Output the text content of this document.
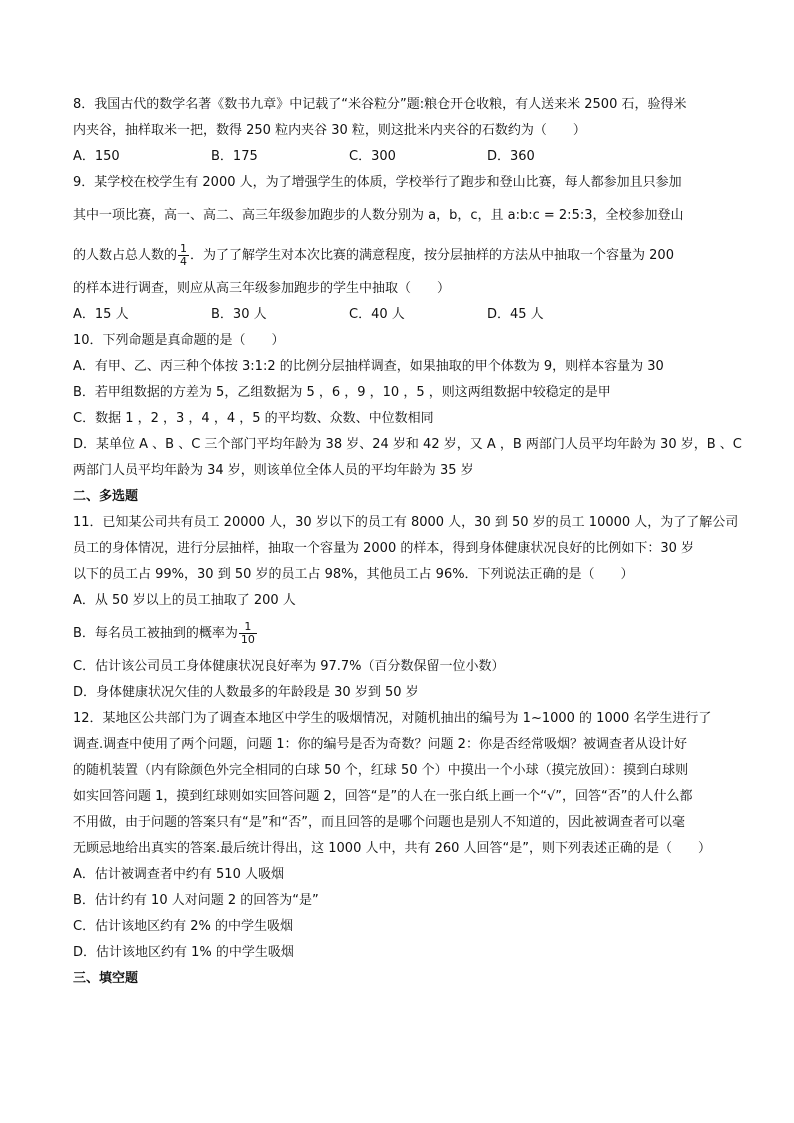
8．我国古代的数学名著《数书九章》中记载了“米谷粒分”题:粮仓开仓收粮，有人送来米 2500 石，验得米
内夹谷，抽样取米一把，数得 250 粒内夹谷 30 粒，则这批米内夹谷的石数约为（　　）
A．150	B．175	C．300	D．360
9．某学校在校学生有 2000 人，为了增强学生的体质，学校举行了跑步和登山比赛，每人都参加且只参加
其中一项比赛，高一、高二、高三年级参加跑步的人数分别为 a，b，c，且 a:b:c = 2:5:3，全校参加登山
的人数占总人数的 $\frac{1}{4}$ ．为了了解学生对本次比赛的满意程度，按分层抽样的方法从中抽取一个容量为 200
的样本进行调查，则应从高三年级参加跑步的学生中抽取（　　）
A．15 人	B．30 人	C．40 人	D．45 人
10．下列命题是真命题的是（　　）
A．有甲、乙、丙三种个体按 3:1:2 的比例分层抽样调查，如果抽取的甲个体数为 9，则样本容量为 30
B．若甲组数据的方差为 5，乙组数据为 5 ，6 ，9 ，10 ，5 ，则这两组数据中较稳定的是甲
C．数据 1 ，2 ，3 ，4 ，4 ，5 的平均数、众数、中位数相同
D．某单位 A 、B 、C 三个部门平均年龄为 38 岁、24 岁和 42 岁，又 A ，B 两部门人员平均年龄为 30 岁，B 、C
两部门人员平均年龄为 34 岁，则该单位全体人员的平均年龄为 35 岁
二、多选题
11．已知某公司共有员工 20000 人，30 岁以下的员工有 8000 人，30 到 50 岁的员工 10000 人，为了了解公司
员工的身体情况，进行分层抽样，抽取一个容量为 2000 的样本，得到身体健康状况良好的比例如下：30 岁
以下的员工占 99%，30 到 50 岁的员工占 98%，其他员工占 96%．下列说法正确的是（　　）
A．从 50 岁以上的员工抽取了 200 人
B．每名员工被抽到的概率为 $\frac{1}{10}$
C．估计该公司员工身体健康状况良好率为 97.7%（百分数保留一位小数）
D．身体健康状况欠佳的人数最多的年龄段是 30 岁到 50 岁
12．某地区公共部门为了调查本地区中学生的吸烟情况，对随机抽出的编号为 1~1000 的 1000 名学生进行了
调查.调查中使用了两个问题，问题 1：你的编号是否为奇数？问题 2：你是否经常吸烟？被调查者从设计好
的随机装置（内有除颜色外完全相同的白球 50 个，红球 50 个）中摸出一个小球（摸完放回）：摸到白球则
如实回答问题 1，摸到红球则如实回答问题 2，回答“是”的人在一张白纸上画一个“√”，回答“否”的人什么都
不用做，由于问题的答案只有“是”和“否”，而且回答的是哪个问题也是别人不知道的，因此被调查者可以毫
无顾忌地给出真实的答案.最后统计得出，这 1000 人中，共有 260 人回答“是”，则下列表述正确的是（　　）
A．估计被调查者中约有 510 人吸烟
B．估计约有 10 人对问题 2 的回答为“是”
C．估计该地区约有 2% 的中学生吸烟
D．估计该地区约有 1% 的中学生吸烟
三、填空题
